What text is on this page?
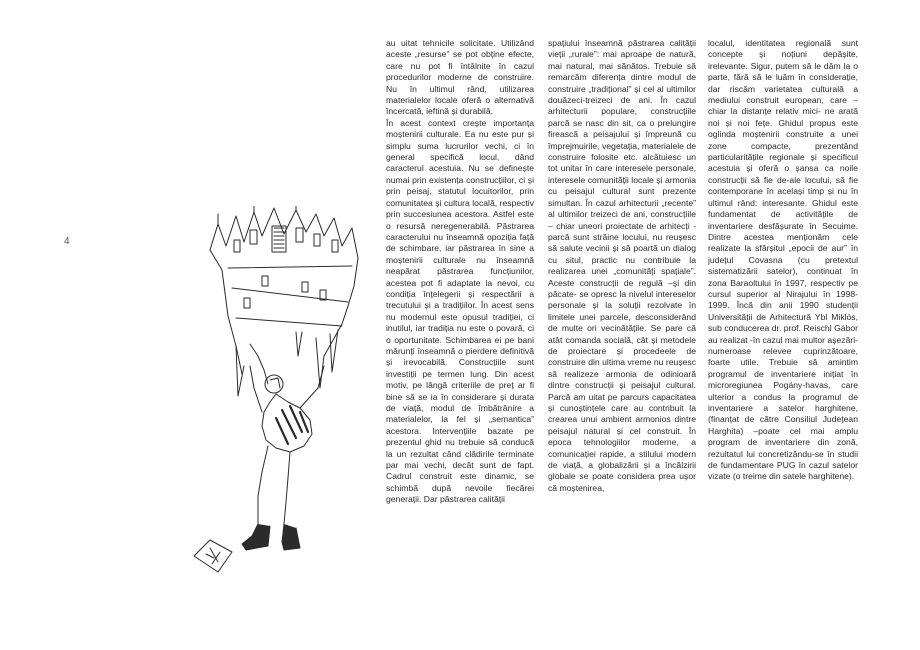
4

au uitat tehnicile solicitate. Utilizând aceste „resurse” se pot obține efecte, care nu pot fi întâlnite în cazul procedurilor moderne de construire. Nu în ultimul rând, utilizarea materialelor locale oferă o alternativă încercată, ieftină și durabilă.

În acest context crește importanța moștenirii culturale. Ea nu este pur și simplu suma lucrurilor vechi, ci în general specifică locul, dând caracterul acestuia. Nu se definește numai prin existența construcțiilor, ci și prin peisaj, statutul locuitorilor, prin comunitatea și cultura locală, respectiv prin succesiunea acestora. Astfel este o resursă neregenerabilă. Păstrarea caracterului nu înseamnă opoziția față de schimbare, iar păstrarea în sine a moștenirii culturale nu înseamnă neapărat păstrarea funcțiunilor, acestea pot fi adaptate la nevoi, cu condiția înțelegerii și respectării a trecutului și a tradițiilor. În acest sens nu modernul este opusul tradiției, ci inutilul, iar tradiția nu este o povară, ci o oportunitate. Schimbarea ei pe bani mărunți înseamnă o pierdere definitivă și irevocabilă. Construcțiile sunt investiții pe termen lung. Din acest motiv, pe lângă criteriile de preț ar fi bine să se ia în considerare și durata de viață, modul de îmbătrânire a materialelor, la fel și „semantica” acestora. Intervențiile bazate pe prezentul ghid nu trebuie să conducă la un rezultat când clădirile terminate par mai vechi, decât sunt de fapt. Cadrul construit este dinamic, se schimbă după nevoile fiecărei generații. Dar păstrarea calității

spațiului înseamnă păstrarea calității vieții „rurale”: mai aproape de natură, mai natural, mai sănătos. Trebuie să remarcăm diferența dintre modul de construire „tradițional” și cel al ultimilor douăzeci-treizeci de ani. În cazul arhitecturii populare, construcțiile parcă se nasc din sit, ca o prelungire firească a peisajului și împreună cu împrejmuirile, vegetația, materialele de construire folosite etc. alcătuiesc un tot unitar în care interesele personale, interesele comunității locale și armonia cu peisajul cultural sunt prezente simultan. În cazul arhitecturii „recente” al ultimilor treizeci de ani, construcțiile – chiar uneori proiectate de arhitecți - parcă sunt străine locului, nu reușesc să salute vecinii și să poartă un dialog cu situl, practic nu contribuie la realizarea unei „comunități spațiale”. Aceste construcții de regulă –și din păcate- se opresc la nivelul intereselor personale și la soluții rezolvate în limitele unei parcele, desconsiderând de multe ori vecinătățile. Se pare că atât comanda socială, cât și metodele de proiectare și procedeele de construire din ultima vreme nu reușesc să realizeze armonia de odinioară dintre construcții și peisajul cultural. Parcă am uitat pe parcurs capacitatea și cunoștințele care au contribuit la crearea unui ambient armonios dintre peisajul natural și cel construit. În epoca tehnologiilor moderne, a comunicației rapide, a stilului modern de viață, a globalizării și a încălzirii globale se poate considera prea ușor că moștenirea,

localul, identitatea regională sunt concepte și noțiuni depășite, irelevante. Sigur, putem să le dăm la o parte, fără să le luăm în considerație, dar riscăm varietatea culturală a mediului construit european, care –chiar la distanțe relativ mici- ne arată noi și noi fețe. Ghidul propus este oglinda moștenirii construite a unei zone compacte, prezentând particularitățile regionale și specificul acestuia și oferă o șansa ca noile construcții să fie de-ale locului, să fie contemporane în același timp și nu în ultimul rând: interesante. Ghidul este fundamentat de activitățile de inventariere desfășurate în Secuime. Dintre acestea menționăm cele realizate la sfârșitul „epocii de aur” în județul Covasna (cu pretextul sistematizării satelor), continuat în zona Baraoltului în 1997, respectiv pe cursul superior al Nirajului în 1998-1999. Încă din anii 1990 studenții Universității de Arhitectură Ybl Miklós, sub conducerea dr. prof. Reischl Gábor au realizat -în cazul mai multor așezări- numeroase relevee cuprinzătoare, foarte utile. Trebuie să amintim programul de inventariere inițiat în microregiunea Pogány-havas, care ulterior a condus la programul de inventariere a satelor harghitene, (finanțat de către Consiliul Județean Harghita) –poate cel mai amplu program de inventariere din zonă, rezultatul lui concretizându-se în studii de fundamentare PUG în cazul satelor vizate (o treime din satele harghitene).
